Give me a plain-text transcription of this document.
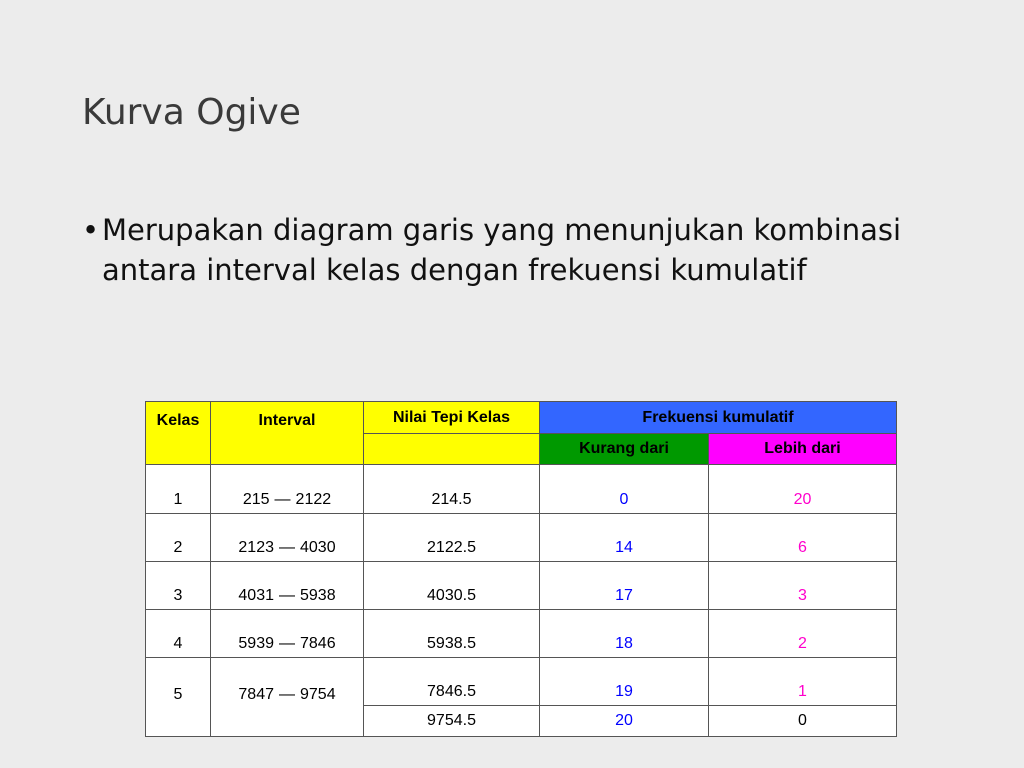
Kurva Ogive
• Merupakan diagram garis yang menunjukan kombinasi antara interval kelas dengan frekuensi kumulatif
Kelas	Interval	Nilai Tepi Kelas	Frekuensi kumulatif	
			Kurang dari	Lebih dari
1	215 — 2122	214.5	0	20
2	2123 — 4030	2122.5	14	6
3	4031 — 5938	4030.5	17	3
4	5939 — 7846	5938.5	18	2
5	7847 — 9754	7846.5	19	1
		9754.5	20	0
